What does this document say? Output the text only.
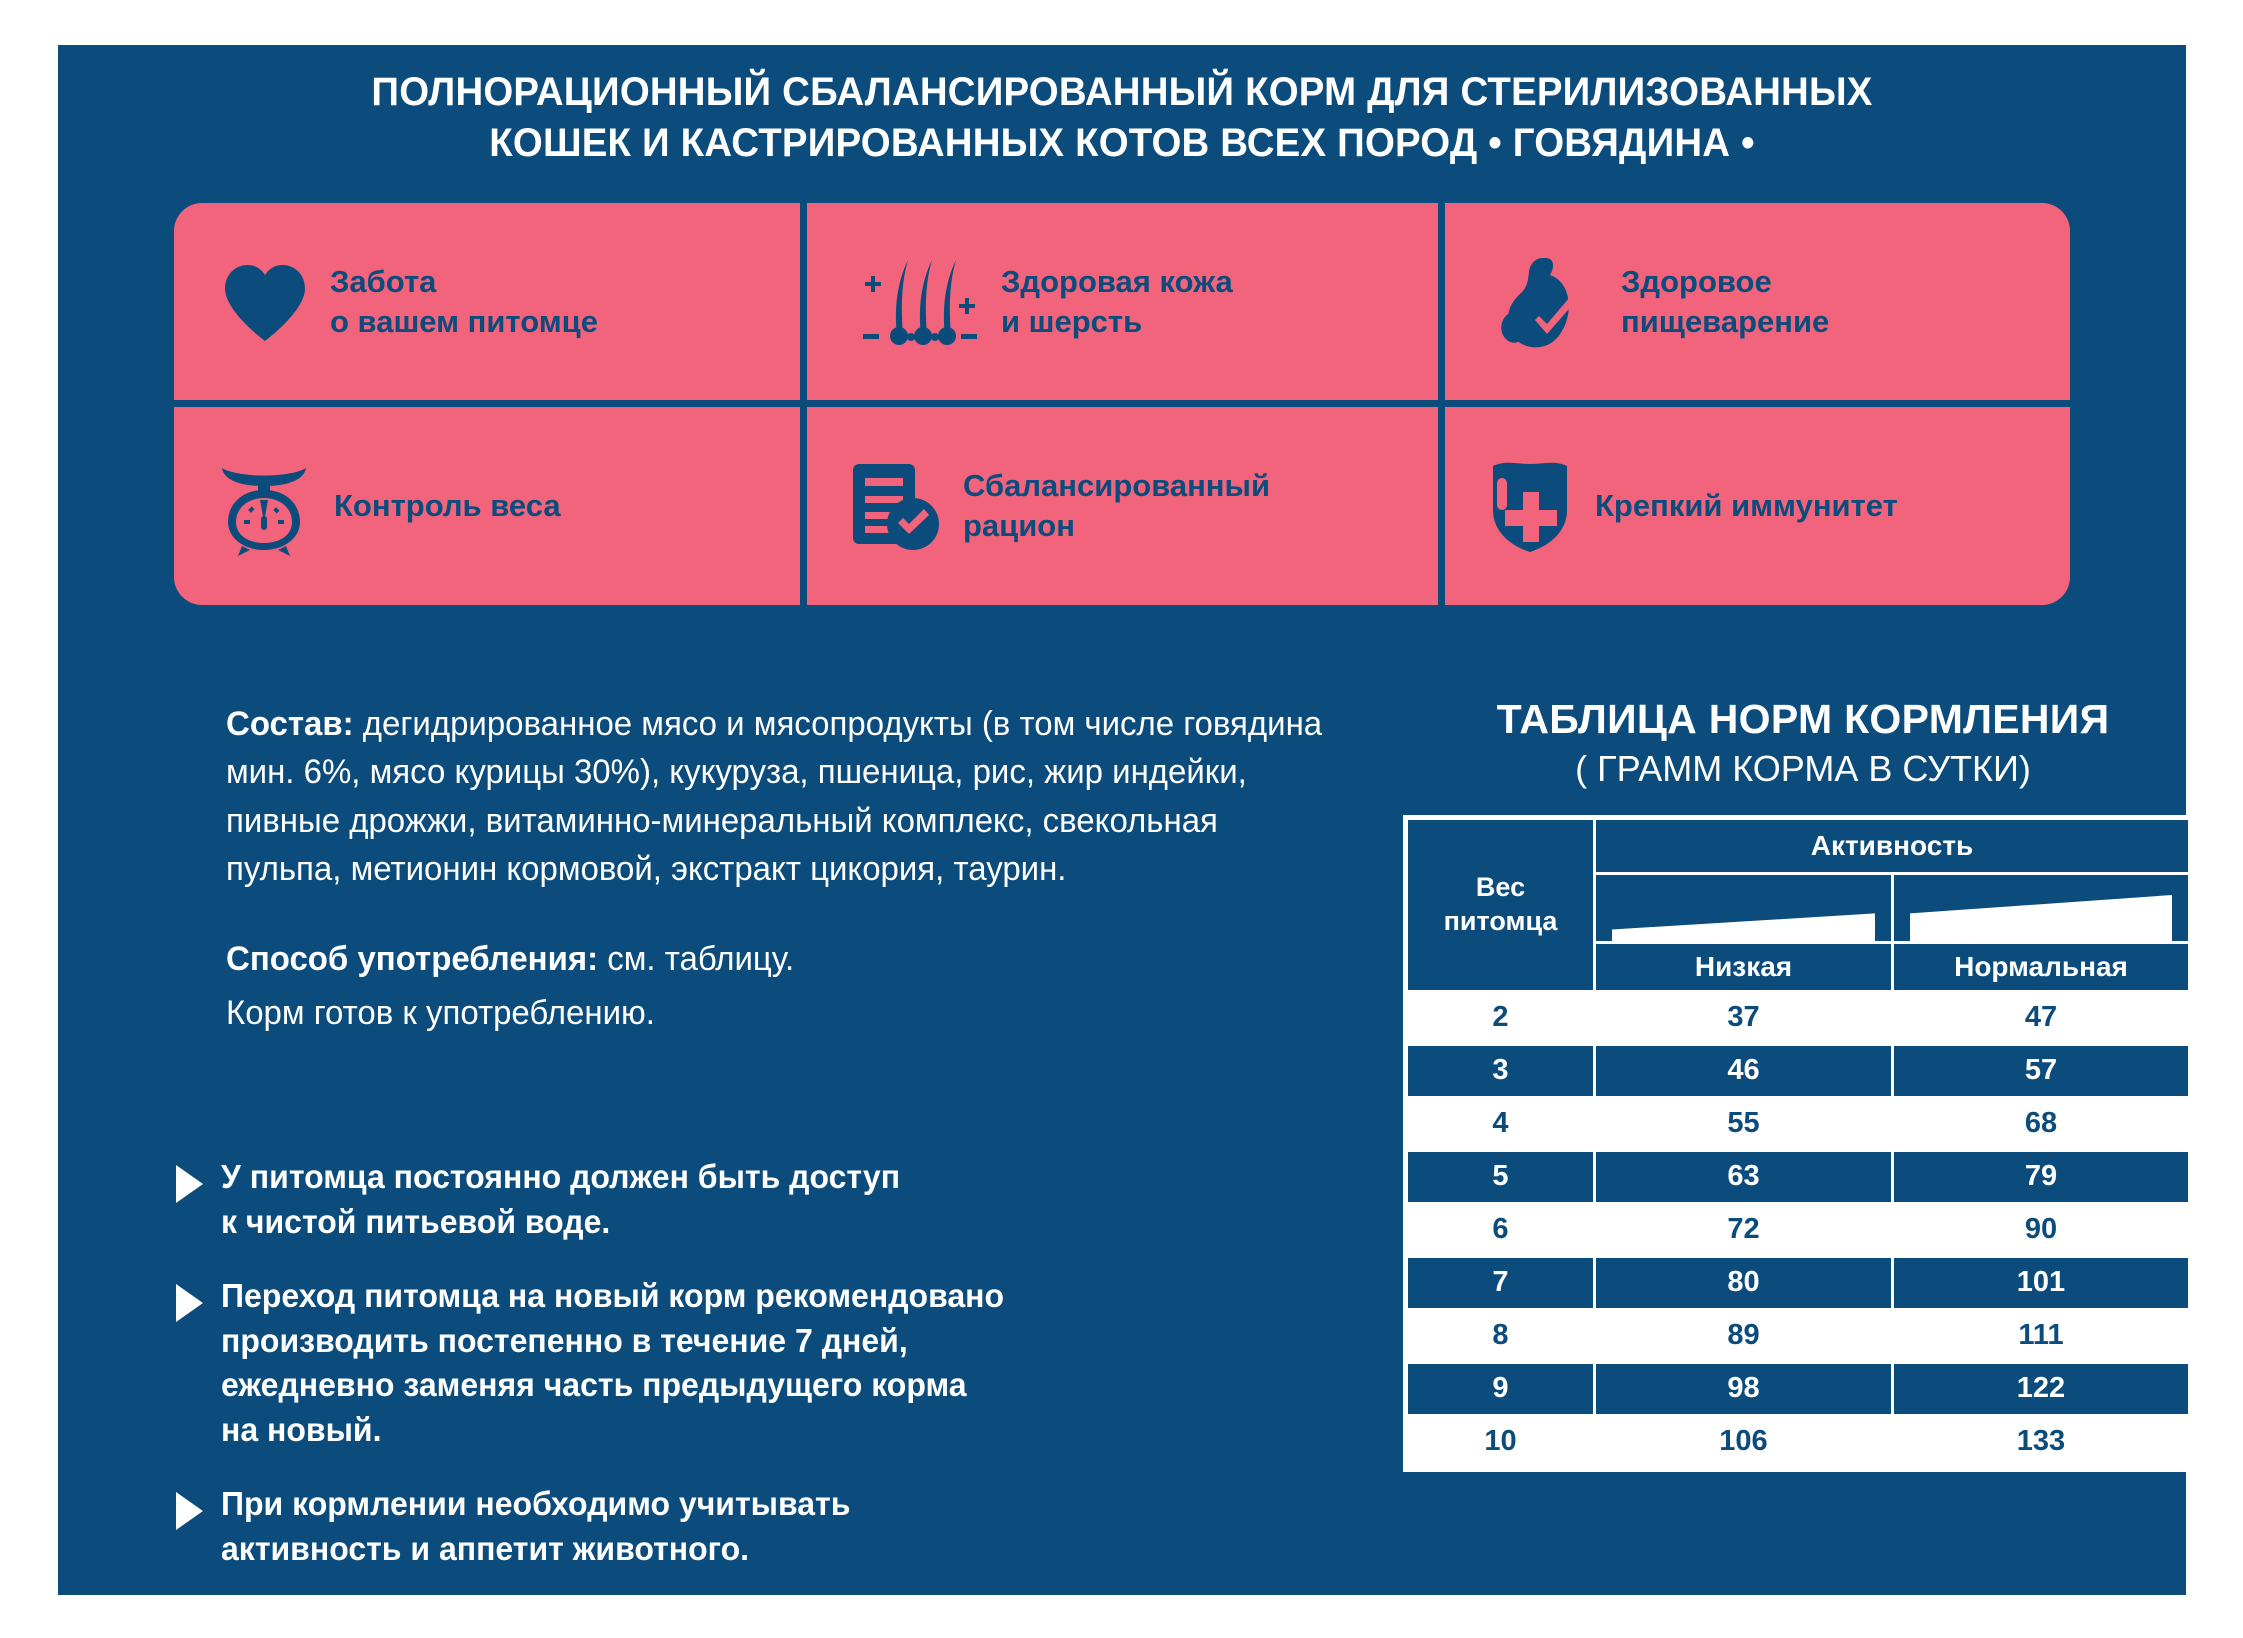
ПОЛНОРАЦИОННЫЙ СБАЛАНСИРОВАННЫЙ КОРМ ДЛЯ СТЕРИЛИЗОВАННЫХ
КОШЕК И КАСТРИРОВАННЫХ КОТОВ ВСЕХ ПОРОД • ГОВЯДИНА •
Забота
о вашем питомце
Здоровая кожа
и шерсть
Здоровое
пищеварение
Контроль веса
Сбалансированный
рацион
Крепкий иммунитет

Состав: дегидрированное мясо и мясопродукты (в том числе говядина мин. 6%, мясо курицы 30%), кукуруза, пшеница, рис, жир индейки, пивные дрожжи, витаминно-минеральный комплекс, свекольная пульпа, метионин кормовой, экстракт цикория, таурин.

Способ употребления: см. таблицу.

Корм готов к употреблению.

У питомца постоянно должен быть доступ
к чистой питьевой воде.
Переход питомца на новый корм рекомендовано
производить постепенно в течение 7 дней,
ежедневно заменяя часть предыдущего корма
на новый.
При кормлении необходимо учитывать
активность и аппетит животного.
ТАБЛИЦА НОРМ КОРМЛЕНИЯ
( ГРАММ КОРМА В СУТКИ)
Вес
питомца	Активность	

	Низкая	Нормальная
2	37	47
3	46	57
4	55	68
5	63	79
6	72	90
7	80	101
8	89	111
9	98	122
10	106	133
